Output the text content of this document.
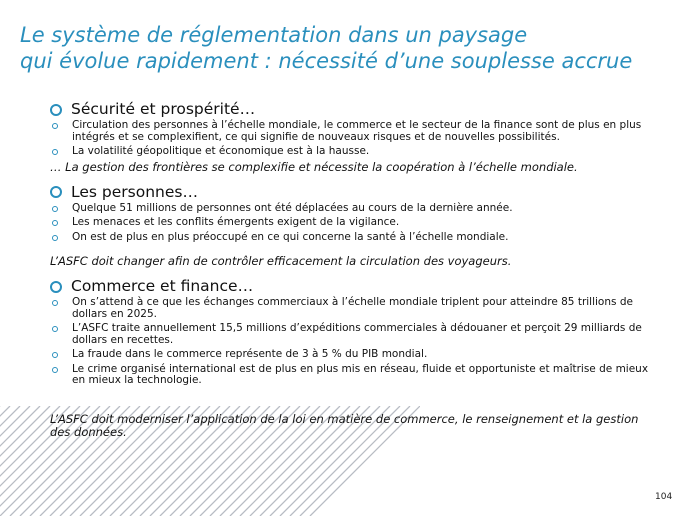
Le système de réglementation dans un paysage
qui évolue rapidement : nécessité d’une souplesse accrue
Sécurité et prospérité…
Circulation des personnes à l’échelle mondiale, le commerce et le secteur de la finance sont de plus en plus intégrés et se complexifient, ce qui signifie de nouveaux risques et de nouvelles possibilités.
La volatilité géopolitique et économique est à la hausse.
… La gestion des frontières se complexifie et nécessite la coopération à l’échelle mondiale.
Les personnes…
Quelque 51 millions de personnes ont été déplacées au cours de la dernière année.
Les menaces et les conflits émergents exigent de la vigilance.
On est de plus en plus préoccupé en ce qui concerne la santé à l’échelle mondiale.
L’ASFC doit changer afin de contrôler efficacement la circulation des voyageurs.
Commerce et finance…
On s’attend à ce que les échanges commerciaux à l’échelle mondiale triplent pour atteindre 85 trillions de dollars en 2025.
L’ASFC traite annuellement 15,5 millions d’expéditions commerciales à dédouaner et perçoit 29 milliards de dollars en recettes.
La fraude dans le commerce représente de 3 à 5 % du PIB mondial.
Le crime organisé international est de plus en plus mis en réseau, fluide et opportuniste et maîtrise de mieux en mieux la technologie.
L’ASFC doit moderniser l’application de la loi en matière de commerce, le renseignement et la gestion des données.
104
